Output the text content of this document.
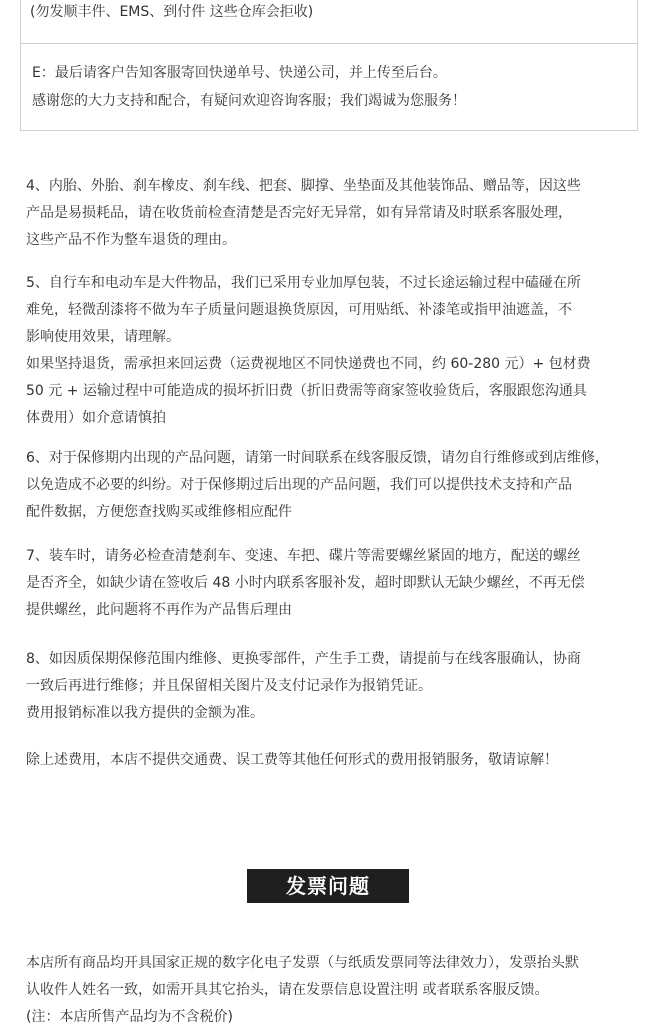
(勿发顺丰件、EMS、到付件 这些仓库会拒收)
E：最后请客户告知客服寄回快递单号、快递公司，并上传至后台。
感谢您的大力支持和配合，有疑问欢迎咨询客服；我们竭诚为您服务！

4、内胎、外胎、刹车橡皮、刹车线、把套、脚撑、坐垫面及其他装饰品、赠品等，因这些

产品是易损耗品，请在收货前检查清楚是否完好无异常，如有异常请及时联系客服处理，

这些产品不作为整车退货的理由。

5、自行车和电动车是大件物品，我们已采用专业加厚包装，不过长途运输过程中磕碰在所

难免，轻微刮漆将不做为车子质量问题退换货原因，可用贴纸、补漆笔或指甲油遮盖，不

影响使用效果，请理解。

如果坚持退货，需承担来回运费（运费视地区不同快递费也不同，约 60-280 元）+ 包材费

50 元 + 运输过程中可能造成的损坏折旧费（折旧费需等商家签收验货后，客服跟您沟通具

体费用）如介意请慎拍

6、对于保修期内出现的产品问题，请第一时间联系在线客服反馈，请勿自行维修或到店维修，

以免造成不必要的纠纷。对于保修期过后出现的产品问题，我们可以提供技术支持和产品

配件数据，方便您查找购买或维修相应配件

7、装车时，请务必检查清楚刹车、变速、车把、碟片等需要螺丝紧固的地方，配送的螺丝

是否齐全，如缺少请在签收后 48 小时内联系客服补发，超时即默认无缺少螺丝，不再无偿

提供螺丝，此问题将不再作为产品售后理由

8、如因质保期保修范围内维修、更换零部件，产生手工费，请提前与在线客服确认，协商

一致后再进行维修；并且保留相关图片及支付记录作为报销凭证。

费用报销标准以我方提供的金额为准。

除上述费用，本店不提供交通费、误工费等其他任何形式的费用报销服务，敬请谅解！

发票问题

本店所有商品均开具国家正规的数字化电子发票（与纸质发票同等法律效力），发票抬头默

认收件人姓名一致，如需开具其它抬头，请在发票信息设置注明 或者联系客服反馈。

(注：本店所售产品均为不含税价)
